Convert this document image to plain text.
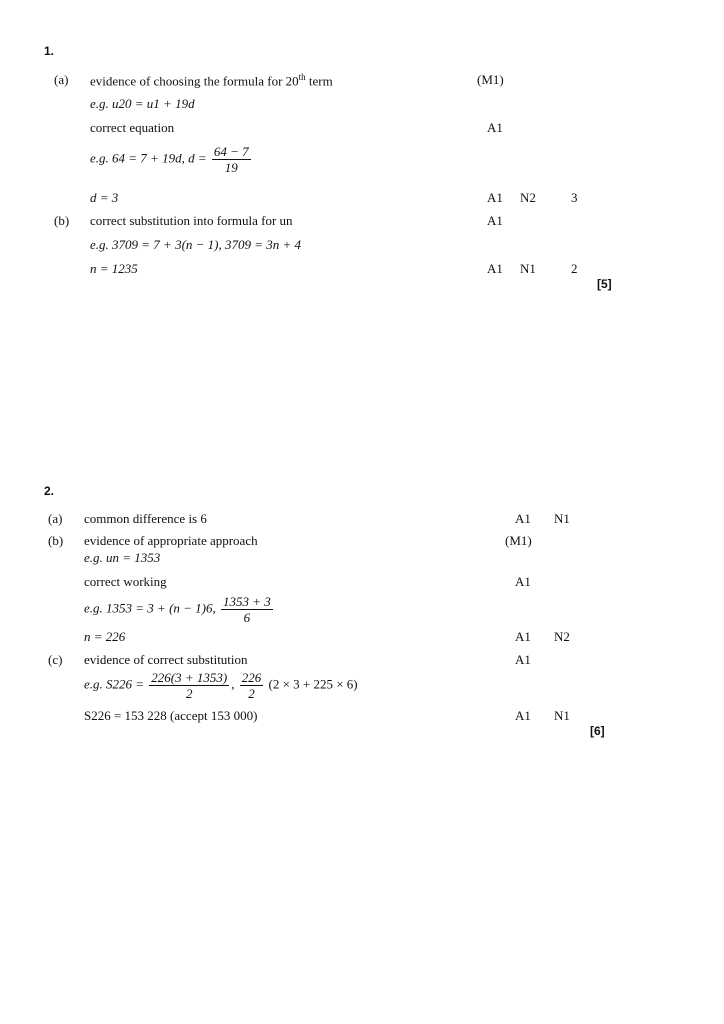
1.
(a) evidence of choosing the formula for 20th term	(M1)
e.g. u20 = u1 + 19d
correct equation	A1
e.g. 64 = 7 + 19d, $d = \frac{64 - 7}{19}$
d = 3	A1 N2	3
(b) correct substitution into formula for un	A1
e.g. 3709 = 7 + 3(n − 1), 3709 = 3n + 4
n = 1235	A1 N1	2
[5]
2.
(a) common difference is 6	A1 N1
(b) evidence of appropriate approach	(M1)
e.g. un = 1353
correct working	A1
e.g. 1353 = 3 + (n − 1)6, $\frac{1353 + 3}{6}$
n = 226	A1 N2
(c) evidence of correct substitution	A1
e.g. $S226 = \frac{226(3 + 1353)}{2}$ , $\frac{226}{2} (2 \times 3 + 225 \times 6)$
S226 = 153 228 (accept 153 000)	A1 N1
[6]
